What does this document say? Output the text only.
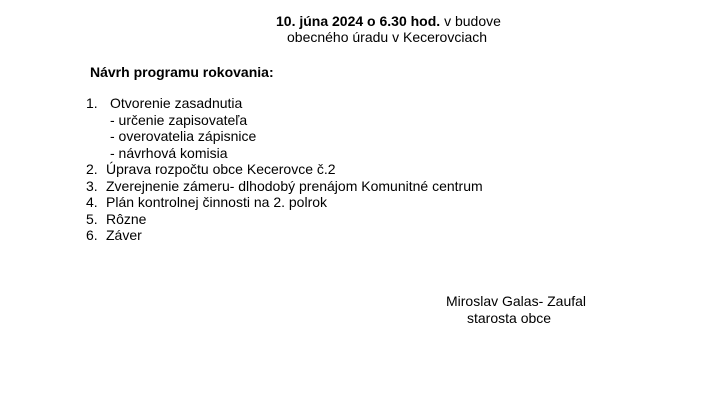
10. júna 2024 o 6.30 hod. v budove
obecného úradu v Kecerovciach
Návrh programu rokovania:
1. Otvorenie zasadnutia
- určenie zapisovateľa
- overovatelia zápisnice
- návrhová komisia
2. Úprava rozpočtu obce Kecerovce č.2
3. Zverejnenie zámeru- dlhodobý prenájom Komunitné centrum
4. Plán kontrolnej činnosti na 2. polrok
5. Rôzne
6. Záver
Miroslav Galas- Zaufal
starosta obce
